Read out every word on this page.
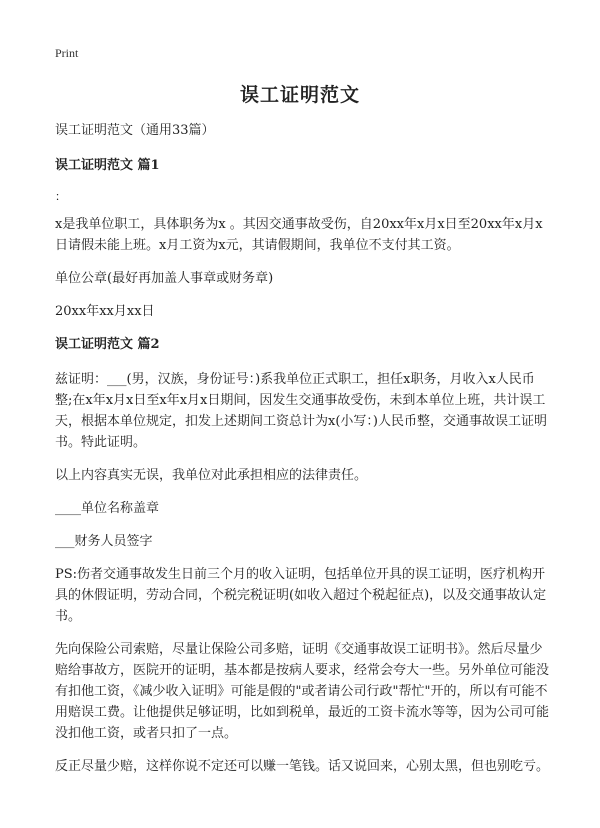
Print
误工证明范文
误工证明范文（通用33篇）
误工证明范文 篇1
：
x是我单位职工，具体职务为x 。其因交通事故受伤，自20xx年x月x日至20xx年x月x日请假未能上班。x月工资为x元，其请假期间，我单位不支付其工资。
单位公章(最好再加盖人事章或财务章)
20xx年xx月xx日
误工证明范文 篇2
兹证明：___(男，汉族，身份证号：)系我单位正式职工，担任x职务，月收入x人民币整;在x年x月x日至x年x月x日期间，因发生交通事故受伤，未到本单位上班，共计误工天，根据本单位规定，扣发上述期间工资总计为x(小写：)人民币整，交通事故误工证明书。特此证明。
以上内容真实无误，我单位对此承担相应的法律责任。
____单位名称盖章
___财务人员签字
PS:伤者交通事故发生日前三个月的收入证明，包括单位开具的误工证明，医疗机构开具的休假证明，劳动合同，个税完税证明(如收入超过个税起征点)，以及交通事故认定书。
先向保险公司索赔，尽量让保险公司多赔，证明《交通事故误工证明书》。然后尽量少赔给事故方，医院开的证明，基本都是按病人要求，经常会夸大一些。另外单位可能没有扣他工资，《减少收入证明》可能是假的"或者请公司行政"帮忙"开的，所以有可能不用赔误工费。让他提供足够证明，比如到税单，最近的工资卡流水等等，因为公司可能没扣他工资，或者只扣了一点。
反正尽量少赔，这样你说不定还可以赚一笔钱。话又说回来，心别太黑，但也别吃亏。
